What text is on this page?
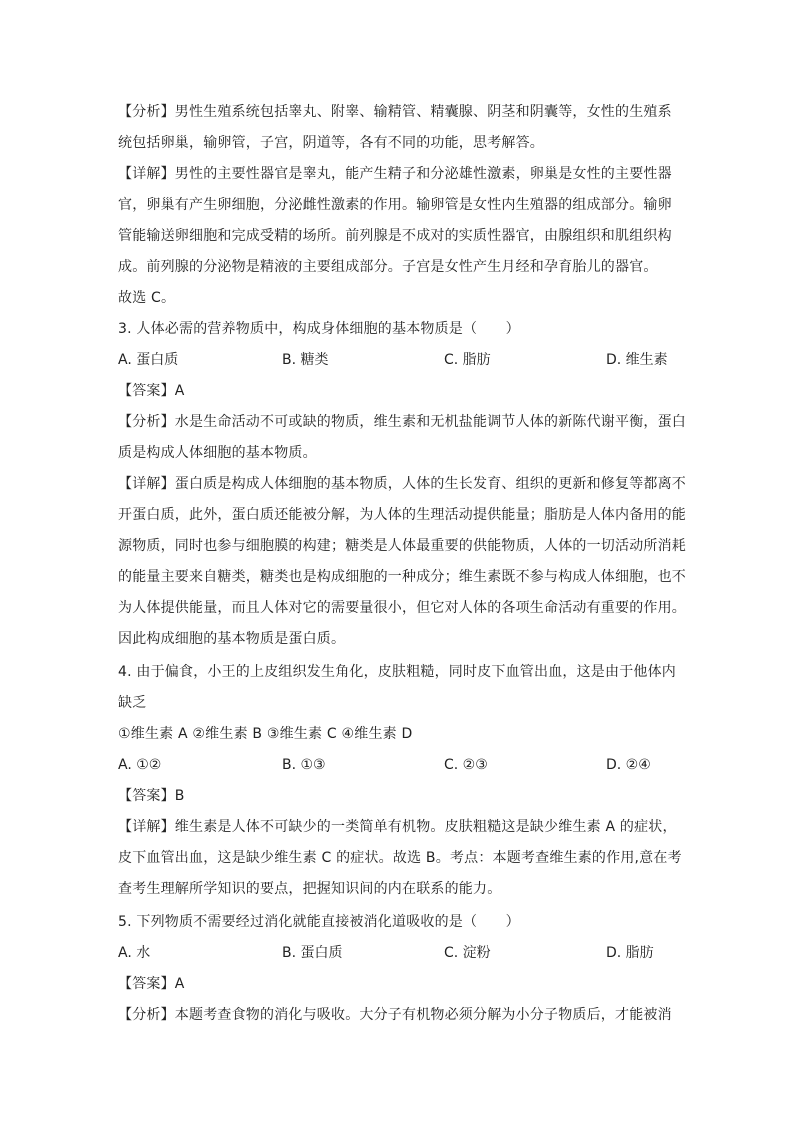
【分析】男性生殖系统包括睾丸、附睾、输精管、精囊腺、阴茎和阴囊等，女性的生殖系
统包括卵巢，输卵管，子宫，阴道等，各有不同的功能，思考解答。
【详解】男性的主要性器官是睾丸，能产生精子和分泌雄性激素，卵巢是女性的主要性器
官，卵巢有产生卵细胞，分泌雌性激素的作用。输卵管是女性内生殖器的组成部分。输卵
管能输送卵细胞和完成受精的场所。前列腺是不成对的实质性器官，由腺组织和肌组织构
成。前列腺的分泌物是精液的主要组成部分。子宫是女性产生月经和孕育胎儿的器官。
故选 C。
3. 人体必需的营养物质中，构成身体细胞的基本物质是（　　）
A. 蛋白质	B. 糖类	C. 脂肪	D. 维生素
【答案】A
【分析】水是生命活动不可或缺的物质，维生素和无机盐能调节人体的新陈代谢平衡，蛋白
质是构成人体细胞的基本物质。
【详解】蛋白质是构成人体细胞的基本物质，人体的生长发育、组织的更新和修复等都离不
开蛋白质，此外，蛋白质还能被分解，为人体的生理活动提供能量；脂肪是人体内备用的能
源物质，同时也参与细胞膜的构建；糖类是人体最重要的供能物质，人体的一切活动所消耗
的能量主要来自糖类，糖类也是构成细胞的一种成分；维生素既不参与构成人体细胞，也不
为人体提供能量，而且人体对它的需要量很小，但它对人体的各项生命活动有重要的作用。
因此构成细胞的基本物质是蛋白质。
4. 由于偏食，小王的上皮组织发生角化，皮肤粗糙，同时皮下血管出血，这是由于他体内
缺乏
①维生素 A ②维生素 B ③维生素 C ④维生素 D
A. ①②	B. ①③	C. ②③	D. ②④
【答案】B
【详解】维生素是人体不可缺少的一类简单有机物。皮肤粗糙这是缺少维生素 A 的症状，
皮下血管出血，这是缺少维生素 C 的症状。故选 B。考点：本题考查维生素的作用,意在考
查考生理解所学知识的要点，把握知识间的内在联系的能力。
5. 下列物质不需要经过消化就能直接被消化道吸收的是（　　）
A. 水	B. 蛋白质	C. 淀粉	D. 脂肪
【答案】A
【分析】本题考查食物的消化与吸收。大分子有机物必须分解为小分子物质后，才能被消
